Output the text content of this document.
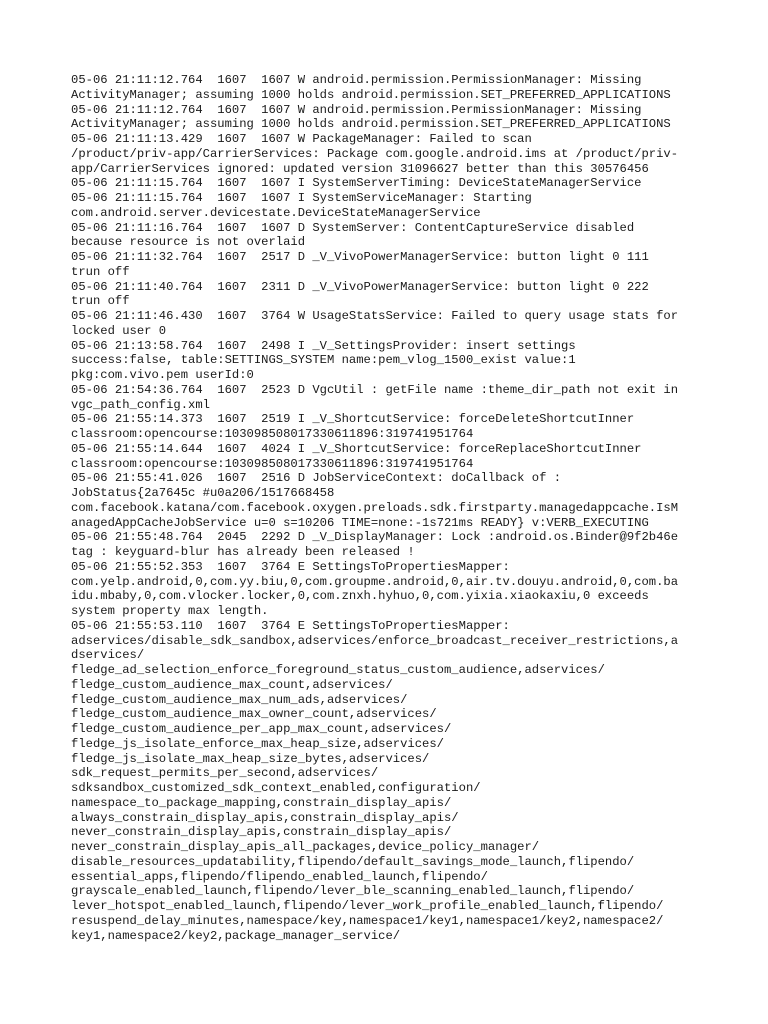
05-06 21:11:12.764  1607  1607 W android.permission.PermissionManager: Missing
ActivityManager; assuming 1000 holds android.permission.SET_PREFERRED_APPLICATIONS
05-06 21:11:12.764  1607  1607 W android.permission.PermissionManager: Missing
ActivityManager; assuming 1000 holds android.permission.SET_PREFERRED_APPLICATIONS
05-06 21:11:13.429  1607  1607 W PackageManager: Failed to scan
/product/priv-app/CarrierServices: Package com.google.android.ims at /product/priv-
app/CarrierServices ignored: updated version 31096627 better than this 30576456
05-06 21:11:15.764  1607  1607 I SystemServerTiming: DeviceStateManagerService
05-06 21:11:15.764  1607  1607 I SystemServiceManager: Starting
com.android.server.devicestate.DeviceStateManagerService
05-06 21:11:16.764  1607  1607 D SystemServer: ContentCaptureService disabled
because resource is not overlaid
05-06 21:11:32.764  1607  2517 D _V_VivoPowerManagerService: button light 0 111
trun off
05-06 21:11:40.764  1607  2311 D _V_VivoPowerManagerService: button light 0 222
trun off
05-06 21:11:46.430  1607  3764 W UsageStatsService: Failed to query usage stats for
locked user 0
05-06 21:13:58.764  1607  2498 I _V_SettingsProvider: insert settings
success:false, table:SETTINGS_SYSTEM name:pem_vlog_1500_exist value:1
pkg:com.vivo.pem userId:0
05-06 21:54:36.764  1607  2523 D VgcUtil : getFile name :theme_dir_path not exit in
vgc_path_config.xml
05-06 21:55:14.373  1607  2519 I _V_ShortcutService: forceDeleteShortcutInner
classroom:opencourse:103098508017330611896:319741951764
05-06 21:55:14.644  1607  4024 I _V_ShortcutService: forceReplaceShortcutInner
classroom:opencourse:103098508017330611896:319741951764
05-06 21:55:41.026  1607  2516 D JobServiceContext: doCallback of :
JobStatus{2a7645c #u0a206/1517668458
com.facebook.katana/com.facebook.oxygen.preloads.sdk.firstparty.managedappcache.IsM
anagedAppCacheJobService u=0 s=10206 TIME=none:-1s721ms READY} v:VERB_EXECUTING
05-06 21:55:48.764  2045  2292 D _V_DisplayManager: Lock :android.os.Binder@9f2b46e
tag : keyguard-blur has already been released !
05-06 21:55:52.353  1607  3764 E SettingsToPropertiesMapper:
com.yelp.android,0,com.yy.biu,0,com.groupme.android,0,air.tv.douyu.android,0,com.ba
idu.mbaby,0,com.vlocker.locker,0,com.znxh.hyhuo,0,com.yixia.xiaokaxiu,0 exceeds
system property max length.
05-06 21:55:53.110  1607  3764 E SettingsToPropertiesMapper:
adservices/disable_sdk_sandbox,adservices/enforce_broadcast_receiver_restrictions,a
dservices/
fledge_ad_selection_enforce_foreground_status_custom_audience,adservices/
fledge_custom_audience_max_count,adservices/
fledge_custom_audience_max_num_ads,adservices/
fledge_custom_audience_max_owner_count,adservices/
fledge_custom_audience_per_app_max_count,adservices/
fledge_js_isolate_enforce_max_heap_size,adservices/
fledge_js_isolate_max_heap_size_bytes,adservices/
sdk_request_permits_per_second,adservices/
sdksandbox_customized_sdk_context_enabled,configuration/
namespace_to_package_mapping,constrain_display_apis/
always_constrain_display_apis,constrain_display_apis/
never_constrain_display_apis,constrain_display_apis/
never_constrain_display_apis_all_packages,device_policy_manager/
disable_resources_updatability,flipendo/default_savings_mode_launch,flipendo/
essential_apps,flipendo/flipendo_enabled_launch,flipendo/
grayscale_enabled_launch,flipendo/lever_ble_scanning_enabled_launch,flipendo/
lever_hotspot_enabled_launch,flipendo/lever_work_profile_enabled_launch,flipendo/
resuspend_delay_minutes,namespace/key,namespace1/key1,namespace1/key2,namespace2/
key1,namespace2/key2,package_manager_service/
